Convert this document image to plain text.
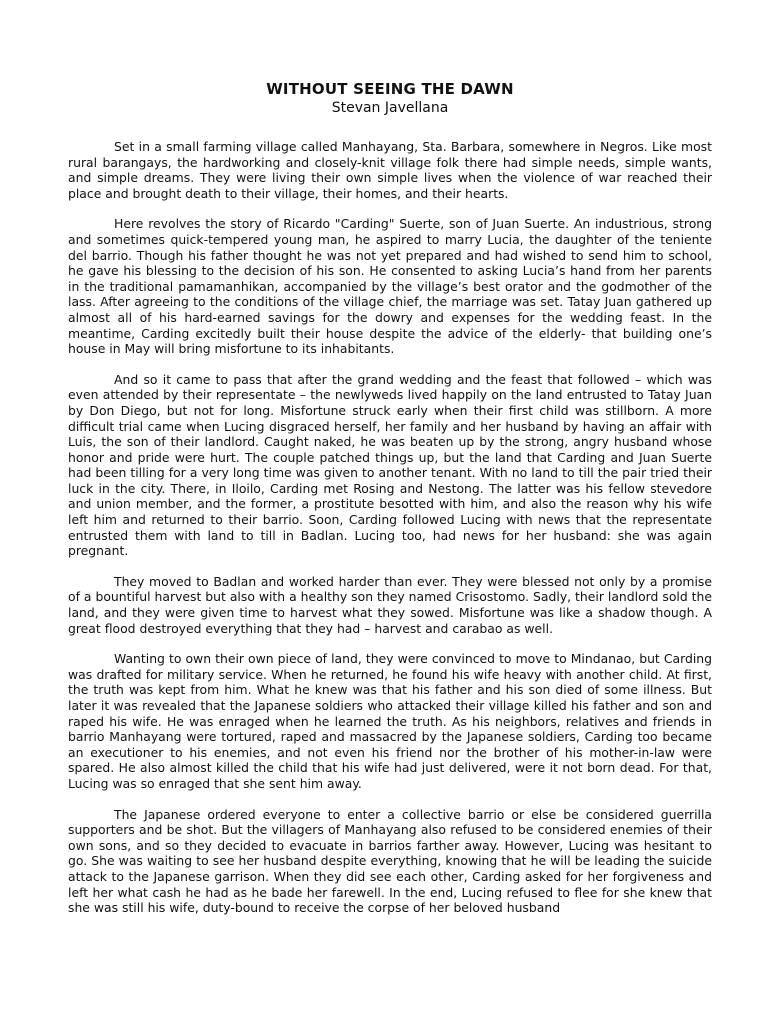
WITHOUT SEEING THE DAWN
Stevan Javellana

Set in a small farming village called Manhayang, Sta. Barbara, somewhere in Negros. Like most rural barangays, the hardworking and closely-knit village folk there had simple needs, simple wants, and simple dreams. They were living their own simple lives when the violence of war reached their place and brought death to their village, their homes, and their hearts.

Here revolves the story of Ricardo "Carding" Suerte, son of Juan Suerte. An industrious, strong and sometimes quick-tempered young man, he aspired to marry Lucia, the daughter of the teniente del barrio. Though his father thought he was not yet prepared and had wished to send him to school, he gave his blessing to the decision of his son. He consented to asking Lucia’s hand from her parents in the traditional pamamanhikan, accompanied by the village’s best orator and the godmother of the lass. After agreeing to the conditions of the village chief, the marriage was set. Tatay Juan gathered up almost all of his hard-earned savings for the dowry and expenses for the wedding feast. In the meantime, Carding excitedly built their house despite the advice of the elderly- that building one’s house in May will bring misfortune to its inhabitants.

And so it came to pass that after the grand wedding and the feast that followed – which was even attended by their representate – the newlyweds lived happily on the land entrusted to Tatay Juan by Don Diego, but not for long. Misfortune struck early when their first child was stillborn. A more difficult trial came when Lucing disgraced herself, her family and her husband by having an affair with Luis, the son of their landlord. Caught naked, he was beaten up by the strong, angry husband whose honor and pride were hurt. The couple patched things up, but the land that Carding and Juan Suerte had been tilling for a very long time was given to another tenant. With no land to till the pair tried their luck in the city. There, in Iloilo, Carding met Rosing and Nestong. The latter was his fellow stevedore and union member, and the former, a prostitute besotted with him, and also the reason why his wife left him and returned to their barrio. Soon, Carding followed Lucing with news that the representate entrusted them with land to till in Badlan. Lucing too, had news for her husband: she was again pregnant.

They moved to Badlan and worked harder than ever. They were blessed not only by a promise of a bountiful harvest but also with a healthy son they named Crisostomo. Sadly, their landlord sold the land, and they were given time to harvest what they sowed. Misfortune was like a shadow though. A great flood destroyed everything that they had – harvest and carabao as well.

Wanting to own their own piece of land, they were convinced to move to Mindanao, but Carding was drafted for military service. When he returned, he found his wife heavy with another child. At first, the truth was kept from him. What he knew was that his father and his son died of some illness. But later it was revealed that the Japanese soldiers who attacked their village killed his father and son and raped his wife. He was enraged when he learned the truth. As his neighbors, relatives and friends in barrio Manhayang were tortured, raped and massacred by the Japanese soldiers, Carding too became an executioner to his enemies, and not even his friend nor the brother of his mother-in-law were spared. He also almost killed the child that his wife had just delivered, were it not born dead. For that, Lucing was so enraged that she sent him away.

The Japanese ordered everyone to enter a collective barrio or else be considered guerrilla supporters and be shot. But the villagers of Manhayang also refused to be considered enemies of their own sons, and so they decided to evacuate in barrios farther away. However, Lucing was hesitant to go. She was waiting to see her husband despite everything, knowing that he will be leading the suicide attack to the Japanese garrison. When they did see each other, Carding asked for her forgiveness and left her what cash he had as he bade her farewell. In the end, Lucing refused to flee for she knew that she was still his wife, duty-bound to receive the corpse of her beloved husband
